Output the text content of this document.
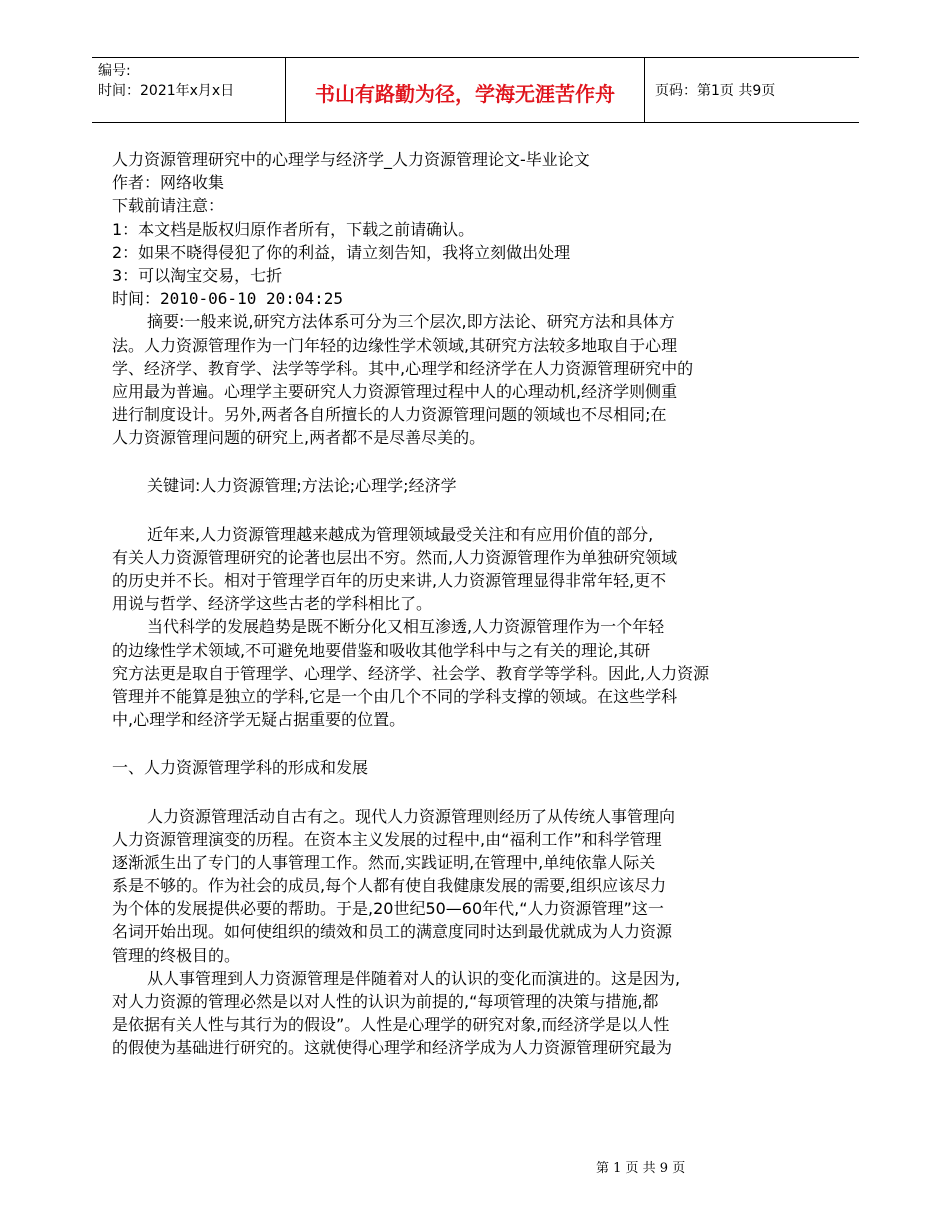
编号:
时间：2021年x月x日	书山有路勤为径，学海无涯苦作舟	页码：第1页 共9页
人力资源管理研究中的心理学与经济学_人力资源管理论文-毕业论文
作者：网络收集
下载前请注意：
1：本文档是版权归原作者所有，下载之前请确认。
2：如果不晓得侵犯了你的利益，请立刻告知，我将立刻做出处理
3：可以淘宝交易，七折
时间：2010-06-10 20:04:25
摘要:一般来说,研究方法体系可分为三个层次,即方法论、研究方法和具体方
法。人力资源管理作为一门年轻的边缘性学术领域,其研究方法较多地取自于心理
学、经济学、教育学、法学等学科。其中,心理学和经济学在人力资源管理研究中的
应用最为普遍。心理学主要研究人力资源管理过程中人的心理动机,经济学则侧重
进行制度设计。另外,两者各自所擅长的人力资源管理问题的领域也不尽相同;在
人力资源管理问题的研究上,两者都不是尽善尽美的。
关键词:人力资源管理;方法论;心理学;经济学
近年来,人力资源管理越来越成为管理领域最受关注和有应用价值的部分,
有关人力资源管理研究的论著也层出不穷。然而,人力资源管理作为单独研究领域
的历史并不长。相对于管理学百年的历史来讲,人力资源管理显得非常年轻,更不
用说与哲学、经济学这些古老的学科相比了。
当代科学的发展趋势是既不断分化又相互渗透,人力资源管理作为一个年轻
的边缘性学术领域,不可避免地要借鉴和吸收其他学科中与之有关的理论,其研
究方法更是取自于管理学、心理学、经济学、社会学、教育学等学科。因此,人力资源
管理并不能算是独立的学科,它是一个由几个不同的学科支撑的领域。在这些学科
中,心理学和经济学无疑占据重要的位置。
一、人力资源管理学科的形成和发展
人力资源管理活动自古有之。现代人力资源管理则经历了从传统人事管理向
人力资源管理演变的历程。在资本主义发展的过程中,由“福利工作”和科学管理
逐渐派生出了专门的人事管理工作。然而,实践证明,在管理中,单纯依靠人际关
系是不够的。作为社会的成员,每个人都有使自我健康发展的需要,组织应该尽力
为个体的发展提供必要的帮助。于是,20世纪50—60年代,“人力资源管理”这一
名词开始出现。如何使组织的绩效和员工的满意度同时达到最优就成为人力资源
管理的终极目的。
从人事管理到人力资源管理是伴随着对人的认识的变化而演进的。这是因为,
对人力资源的管理必然是以对人性的认识为前提的,“每项管理的决策与措施,都
是依据有关人性与其行为的假设”。人性是心理学的研究对象,而经济学是以人性
的假使为基础进行研究的。这就使得心理学和经济学成为人力资源管理研究最为
第 1 页 共 9 页
